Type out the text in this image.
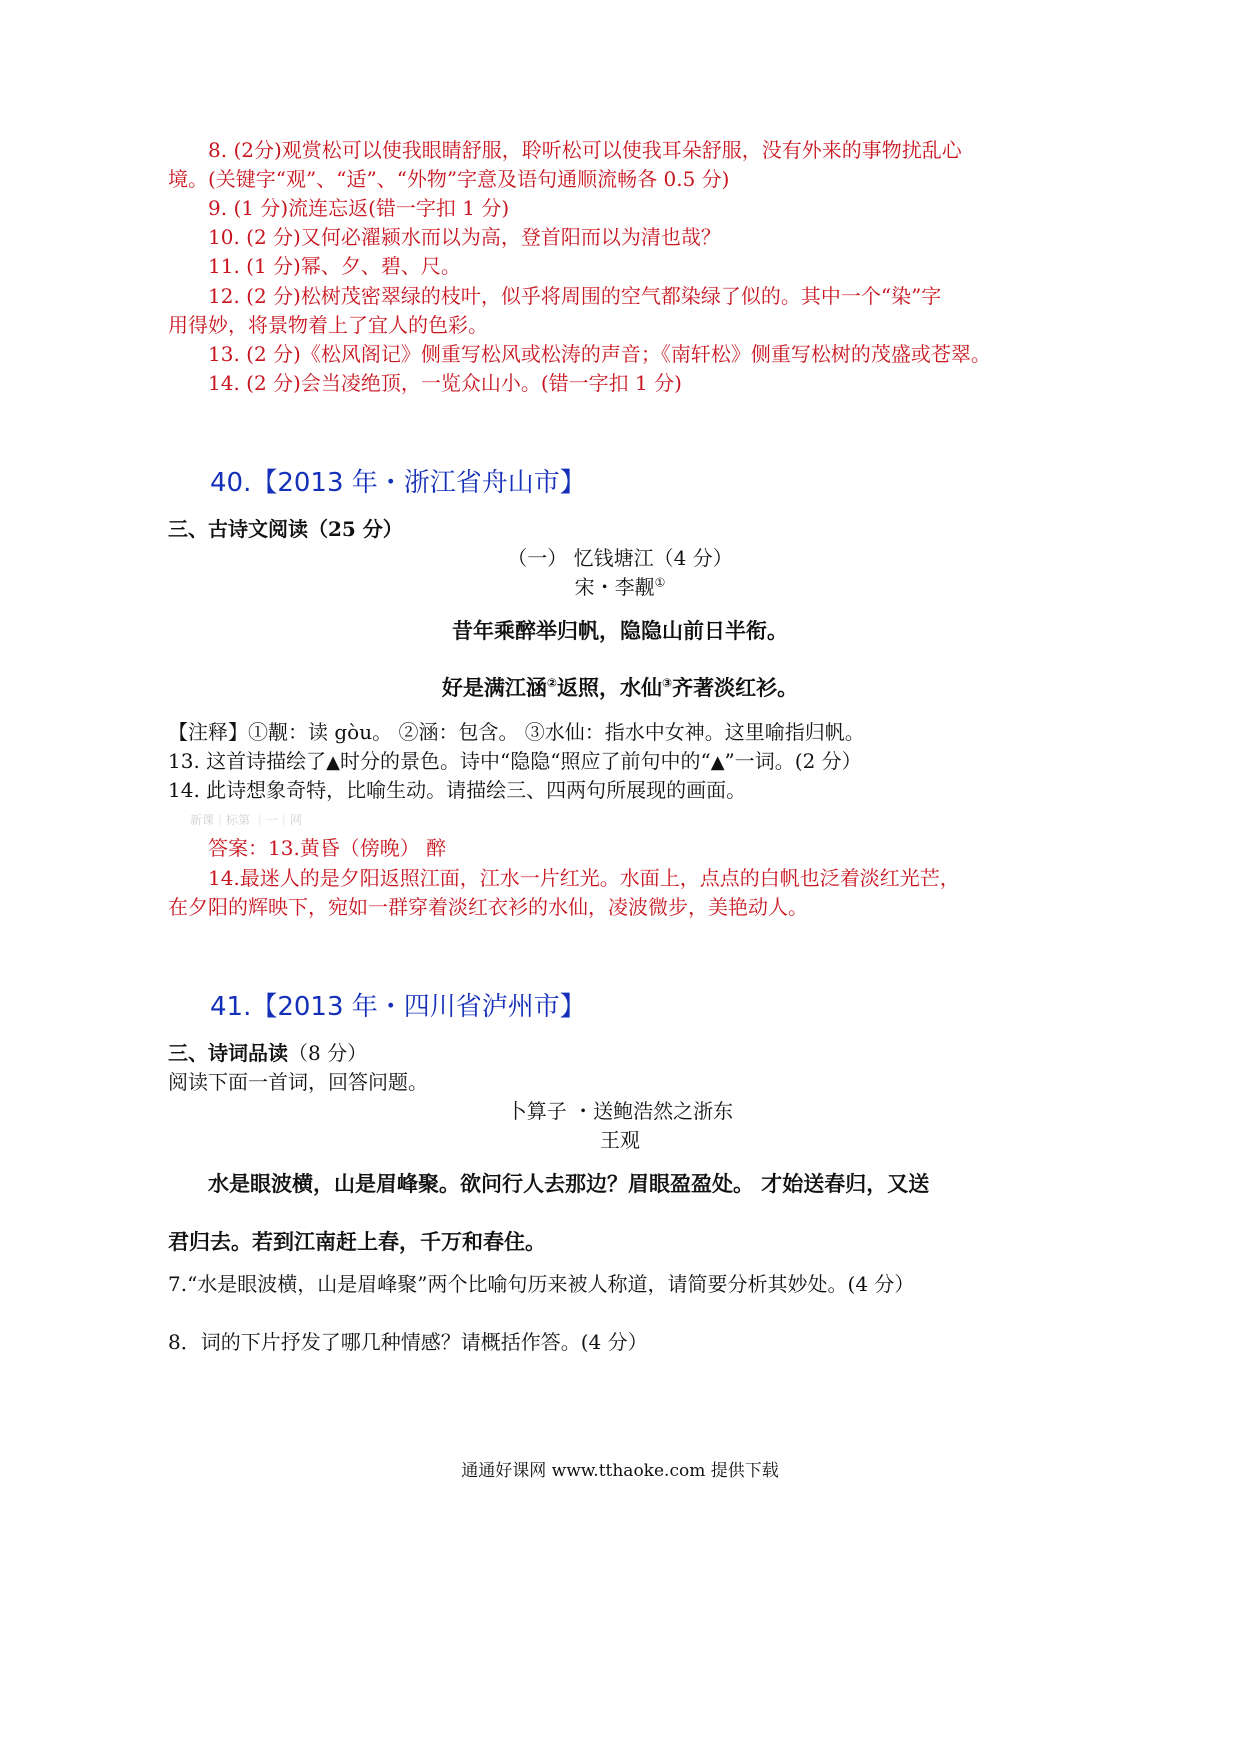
8. (2分)观赏松可以使我眼睛舒服，聆听松可以使我耳朵舒服，没有外来的事物扰乱心
境。(关键字“观”、“适”、“外物”字意及语句通顺流畅各 0.5 分)
9. (1 分)流连忘返(错一字扣 1 分)
10. (2 分)又何必濯颍水而以为高，登首阳而以为清也哉？
11. (1 分)幂、夕、碧、尺。
12. (2 分)松树茂密翠绿的枝叶，似乎将周围的空气都染绿了似的。其中一个“染”字
用得妙，将景物着上了宜人的色彩。
13. (2 分)《松风阁记》侧重写松风或松涛的声音；《南轩松》侧重写松树的茂盛或苍翠。
14. (2 分)会当凌绝顶，一览众山小。(错一字扣 1 分)
40.【2013 年・浙江省舟山市】
三、古诗文阅读（25 分）
（一） 忆钱塘江（4 分）
宋・李觏①
昔年乘醉举归帆，隐隐山前日半衔。
好是满江涵②返照，水仙③齐著淡红衫。
【注释】①觏：读 gòu。 ②涵：包含。 ③水仙：指水中女神。这里喻指归帆。
13. 这首诗描绘了▲时分的景色。诗中“隐隐“照应了前句中的“▲”一词。(2 分）
14. 此诗想象奇特，比喻生动。请描绘三、四两句所展现的画面。
新课｜标第 ｜一｜网
答案：13.黄昏（傍晚） 醉
14.最迷人的是夕阳返照江面，江水一片红光。水面上，点点的白帆也泛着淡红光芒，
在夕阳的辉映下，宛如一群穿着淡红衣衫的水仙，凌波微步，美艳动人。
41.【2013 年・四川省泸州市】
三、诗词品读（8 分）
阅读下面一首词，回答问题。
卜算子 ・送鲍浩然之浙东
王观
水是眼波横，山是眉峰聚。欲问行人去那边？眉眼盈盈处。 才始送春归，又送
君归去。若到江南赶上春，千万和春住。
7.“水是眼波横，山是眉峰聚”两个比喻句历来被人称道，请简要分析其妙处。(4 分）
8．词的下片抒发了哪几种情感？请概括作答。(4 分）
通通好课网 www.tthaoke.com 提供下载
